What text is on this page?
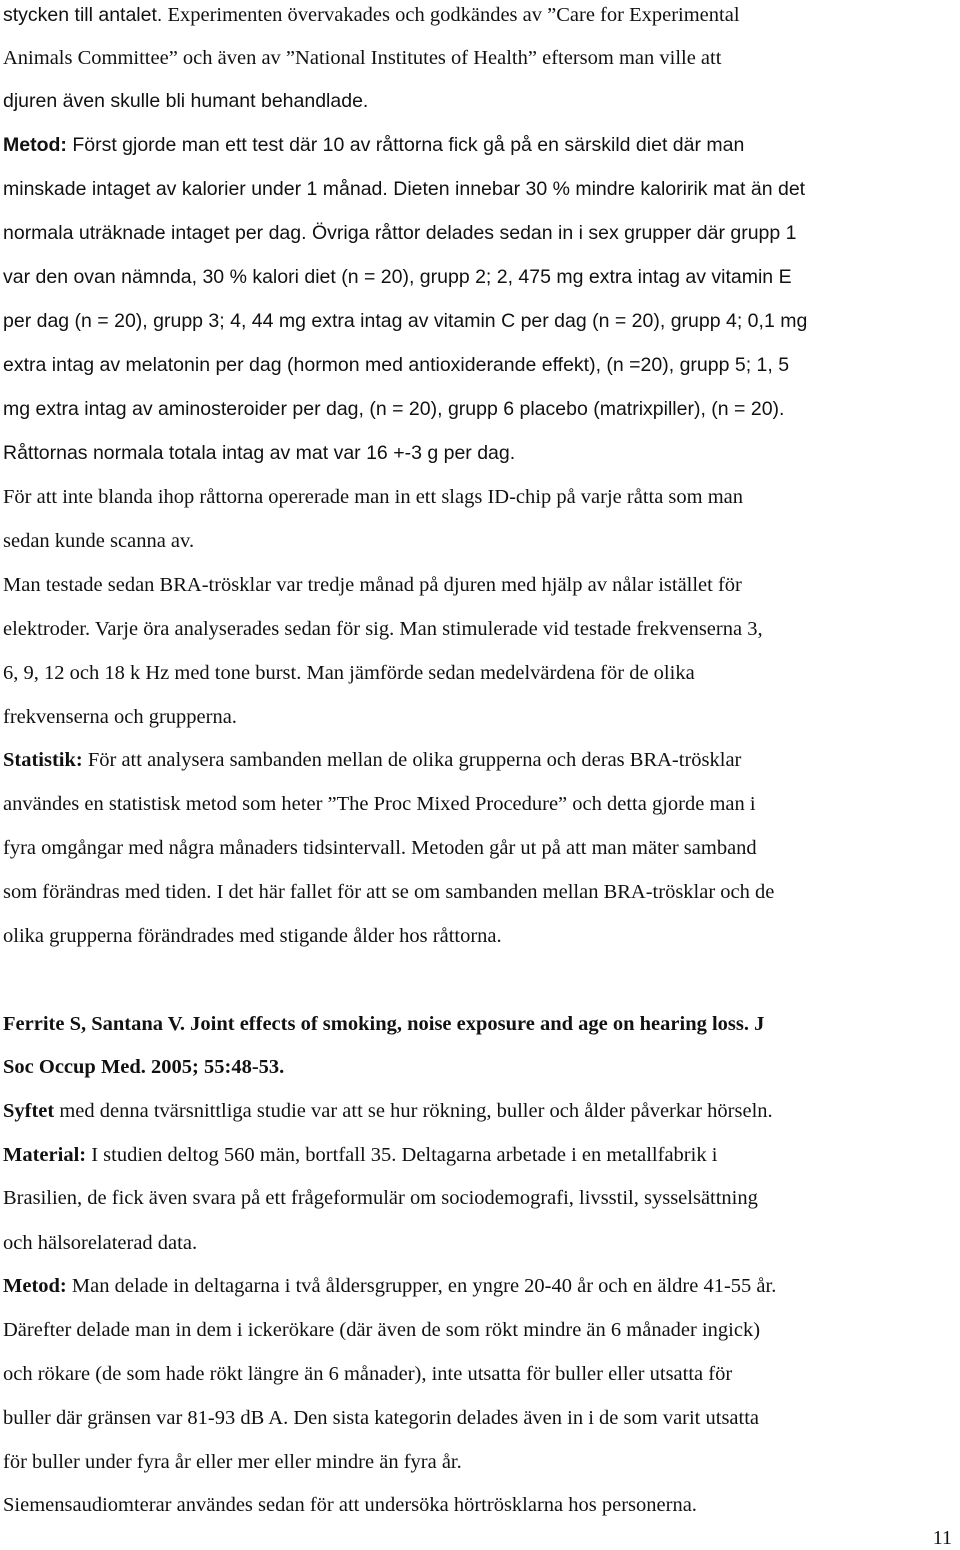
stycken till antalet. Experimenten övervakades och godkändes av ”Care for Experimental
Animals Committee” och även av ”National Institutes of Health” eftersom man ville att
djuren även skulle bli humant behandlade.
Metod: Först gjorde man ett test där 10 av råttorna fick gå på en särskild diet där man
minskade intaget av kalorier under 1 månad. Dieten innebar 30 % mindre kaloririk mat än det
normala uträknade intaget per dag. Övriga råttor delades sedan in i sex grupper där grupp 1
var den ovan nämnda, 30 % kalori diet (n = 20), grupp 2; 2, 475 mg extra intag av vitamin E
per dag (n = 20), grupp 3; 4, 44 mg extra intag av vitamin C per dag (n = 20), grupp 4; 0,1 mg
extra intag av melatonin per dag (hormon med antioxiderande effekt), (n =20), grupp 5; 1, 5
mg extra intag av aminosteroider per dag, (n = 20), grupp 6 placebo (matrixpiller), (n = 20).
Råttornas normala totala intag av mat var 16 +-3 g per dag.
För att inte blanda ihop råttorna opererade man in ett slags ID-chip på varje råtta som man
sedan kunde scanna av.
Man testade sedan BRA-trösklar var tredje månad på djuren med hjälp av nålar istället för
elektroder. Varje öra analyserades sedan för sig. Man stimulerade vid testade frekvenserna 3,
6, 9, 12 och 18 k Hz med tone burst. Man jämförde sedan medelvärdena för de olika
frekvenserna och grupperna.
Statistik: För att analysera sambanden mellan de olika grupperna och deras BRA-trösklar
användes en statistisk metod som heter ”The Proc Mixed Procedure” och detta gjorde man i
fyra omgångar med några månaders tidsintervall. Metoden går ut på att man mäter samband
som förändras med tiden. I det här fallet för att se om sambanden mellan BRA-trösklar och de
olika grupperna förändrades med stigande ålder hos råttorna.
Ferrite S, Santana V. Joint effects of smoking, noise exposure and age on hearing loss. J
Soc Occup Med. 2005; 55:48-53.
Syftet med denna tvärsnittliga studie var att se hur rökning, buller och ålder påverkar hörseln.
Material: I studien deltog 560 män, bortfall 35. Deltagarna arbetade i en metallfabrik i
Brasilien, de fick även svara på ett frågeformulär om sociodemografi, livsstil, sysselsättning
och hälsorelaterad data.
Metod: Man delade in deltagarna i två åldersgrupper, en yngre 20-40 år och en äldre 41-55 år.
Därefter delade man in dem i ickerökare (där även de som rökt mindre än 6 månader ingick)
och rökare (de som hade rökt längre än 6 månader), inte utsatta för buller eller utsatta för
buller där gränsen var 81-93 dB A. Den sista kategorin delades även in i de som varit utsatta
för buller under fyra år eller mer eller mindre än fyra år.
Siemensaudiomterar användes sedan för att undersöka hörtrösklarna hos personerna.
11
